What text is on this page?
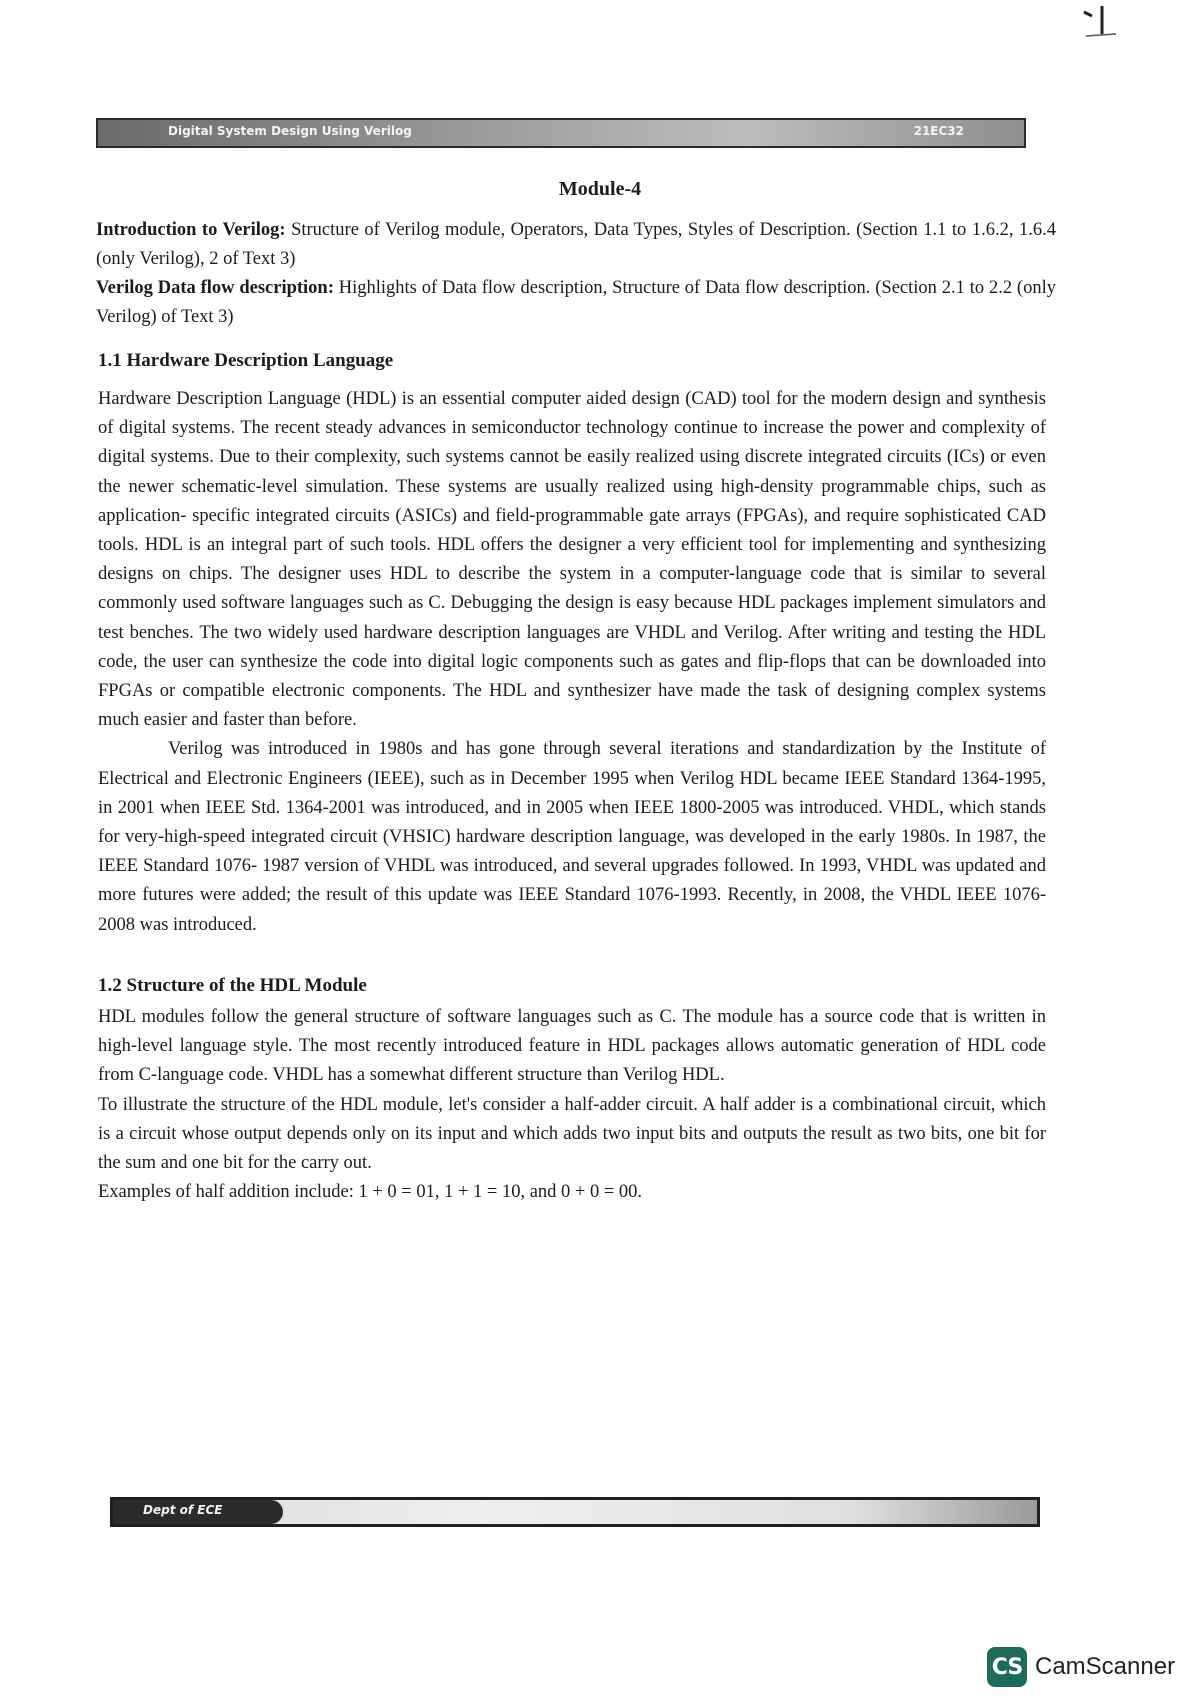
Digital System Design Using Verilog	21EC32
Module-4

Introduction to Verilog: Structure of Verilog module, Operators, Data Types, Styles of Description. (Section 1.1 to 1.6.2, 1.6.4 (only Verilog), 2 of Text 3)

Verilog Data flow description: Highlights of Data flow description, Structure of Data flow description. (Section 2.1 to 2.2 (only Verilog) of Text 3)

1.1 Hardware Description Language

Hardware Description Language (HDL) is an essential computer aided design (CAD) tool for the modern design and synthesis of digital systems. The recent steady advances in semiconductor technology continue to increase the power and complexity of digital systems. Due to their complexity, such systems cannot be easily realized using discrete integrated circuits (ICs) or even the newer schematic-level simulation. These systems are usually realized using high-density programmable chips, such as application- specific integrated circuits (ASICs) and field-programmable gate arrays (FPGAs), and require sophisticated CAD tools. HDL is an integral part of such tools. HDL offers the designer a very efficient tool for implementing and synthesizing designs on chips. The designer uses HDL to describe the system in a computer-language code that is similar to several commonly used software languages such as C. Debugging the design is easy because HDL packages implement simulators and test benches. The two widely used hardware description languages are VHDL and Verilog. After writing and testing the HDL code, the user can synthesize the code into digital logic components such as gates and flip-flops that can be downloaded into FPGAs or compatible electronic components. The HDL and synthesizer have made the task of designing complex systems much easier and faster than before.

Verilog was introduced in 1980s and has gone through several iterations and standardization by the Institute of Electrical and Electronic Engineers (IEEE), such as in December 1995 when Verilog HDL became IEEE Standard 1364-1995, in 2001 when IEEE Std. 1364-2001 was introduced, and in 2005 when IEEE 1800-2005 was introduced. VHDL, which stands for very-high-speed integrated circuit (VHSIC) hardware description language, was developed in the early 1980s. In 1987, the IEEE Standard 1076- 1987 version of VHDL was introduced, and several upgrades followed. In 1993, VHDL was updated and more futures were added; the result of this update was IEEE Standard 1076-1993. Recently, in 2008, the VHDL IEEE 1076-2008 was introduced.

1.2 Structure of the HDL Module

HDL modules follow the general structure of software languages such as C. The module has a source code that is written in high-level language style. The most recently introduced feature in HDL packages allows automatic generation of HDL code from C-language code. VHDL has a somewhat different structure than Verilog HDL.

To illustrate the structure of the HDL module, let's consider a half-adder circuit. A half adder is a combinational circuit, which is a circuit whose output depends only on its input and which adds two input bits and outputs the result as two bits, one bit for the sum and one bit for the carry out.

Examples of half addition include: 1 + 0 = 01, 1 + 1 = 10, and 0 + 0 = 00.

Dept of ECE
CS CamScanner
